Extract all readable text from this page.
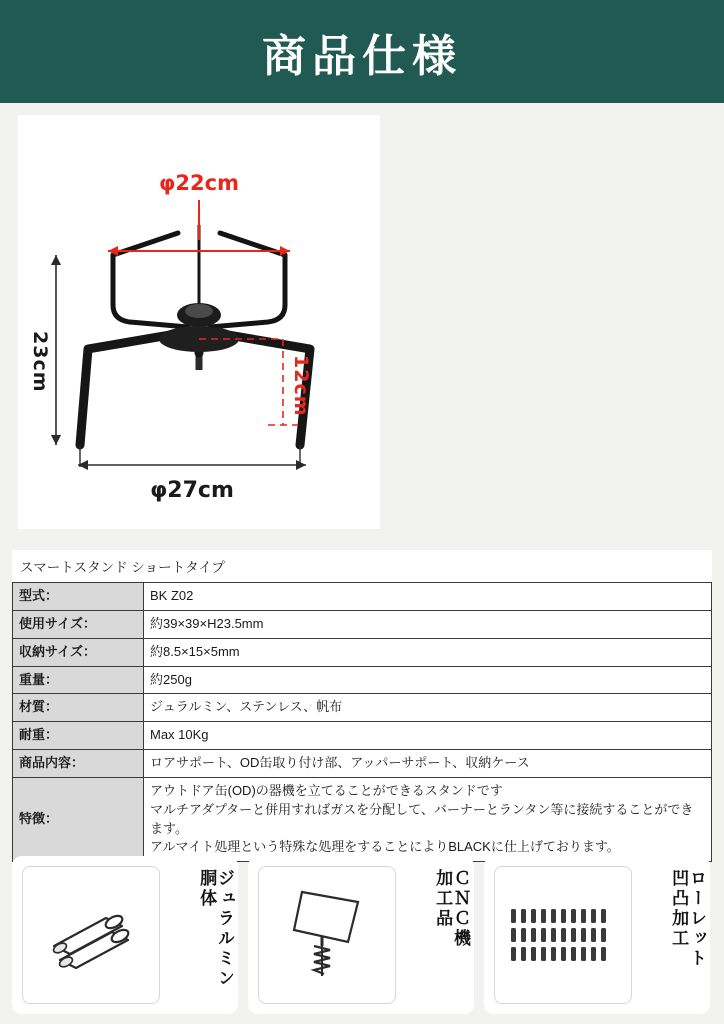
商品仕様
φ22cm
23cm	12cm
φ27cm
スマートスタンド ショートタイプ
型式：	BK Z02

使用サイズ：	約39×39×H23.5mm

収納サイズ：	約8.5×15×5mm

重量：	約250g

材質：	ジュラルミン、ステンレス、帆布

耐重：	Max 10Kg

商品内容：	ロアサポート、OD缶取り付け部、アッパーサポート、収納ケース

特徴：	アウトドア缶(OD)の器機を立てることができるスタンドです
マルチアダプターと併用すればガスを分配して、バーナーとランタン等に接続することができます。
アルマイト処理という特殊な処理をすることによりBLACKに仕上げております。
ジュラルミン
胴体	ＣＮＣ機
加工品	ローレット
凹凸加工
